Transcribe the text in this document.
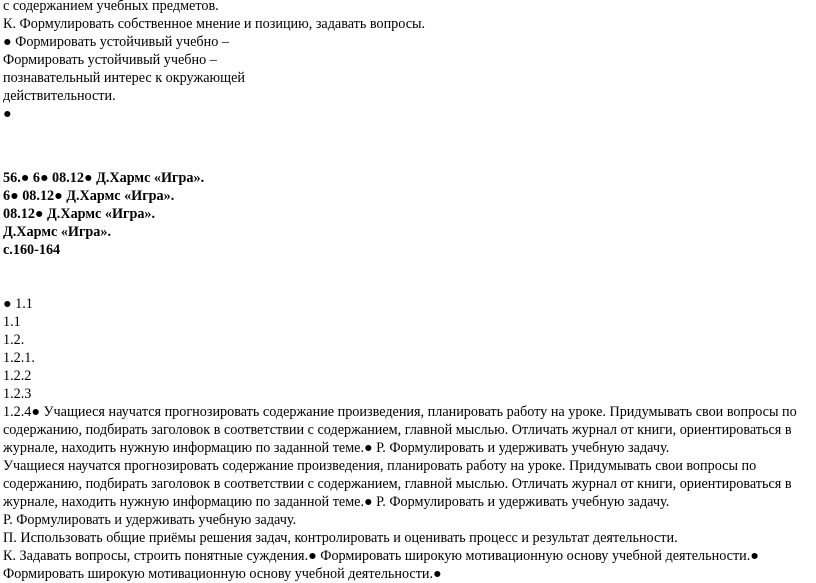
с содержанием учебных предметов.
К. Формулировать собственное мнение и позицию, задавать вопросы.
● Формировать устойчивый учебно –
Формировать устойчивый учебно –
познавательный интерес к окружающей
действительности.
●
56.● 6● 08.12● Д.Хармс «Игра».
6● 08.12● Д.Хармс «Игра».
08.12● Д.Хармс «Игра».
Д.Хармс «Игра».
с.160-164
● 1.1
1.1
1.2.
1.2.1.
1.2.2
1.2.3
1.2.4● Учащиеся научатся прогнозировать содержание произведения, планировать работу на уроке. Придумывать свои вопросы по содержанию, подбирать заголовок в соответствии с содержанием, главной мыслью. Отличать журнал от книги, ориентироваться в журнале, находить нужную информацию по заданной теме.● Р. Формулировать и удерживать учебную задачу.
Учащиеся научатся прогнозировать содержание произведения, планировать работу на уроке. Придумывать свои вопросы по содержанию, подбирать заголовок в соответствии с содержанием, главной мыслью. Отличать журнал от книги, ориентироваться в журнале, находить нужную информацию по заданной теме.● Р. Формулировать и удерживать учебную задачу.
Р. Формулировать и удерживать учебную задачу.
П. Использовать общие приёмы решения задач, контролировать и оценивать процесс и результат деятельности.
К. Задавать вопросы, строить понятные суждения.● Формировать широкую мотивационную основу учебной деятельности.●
Формировать широкую мотивационную основу учебной деятельности.●
